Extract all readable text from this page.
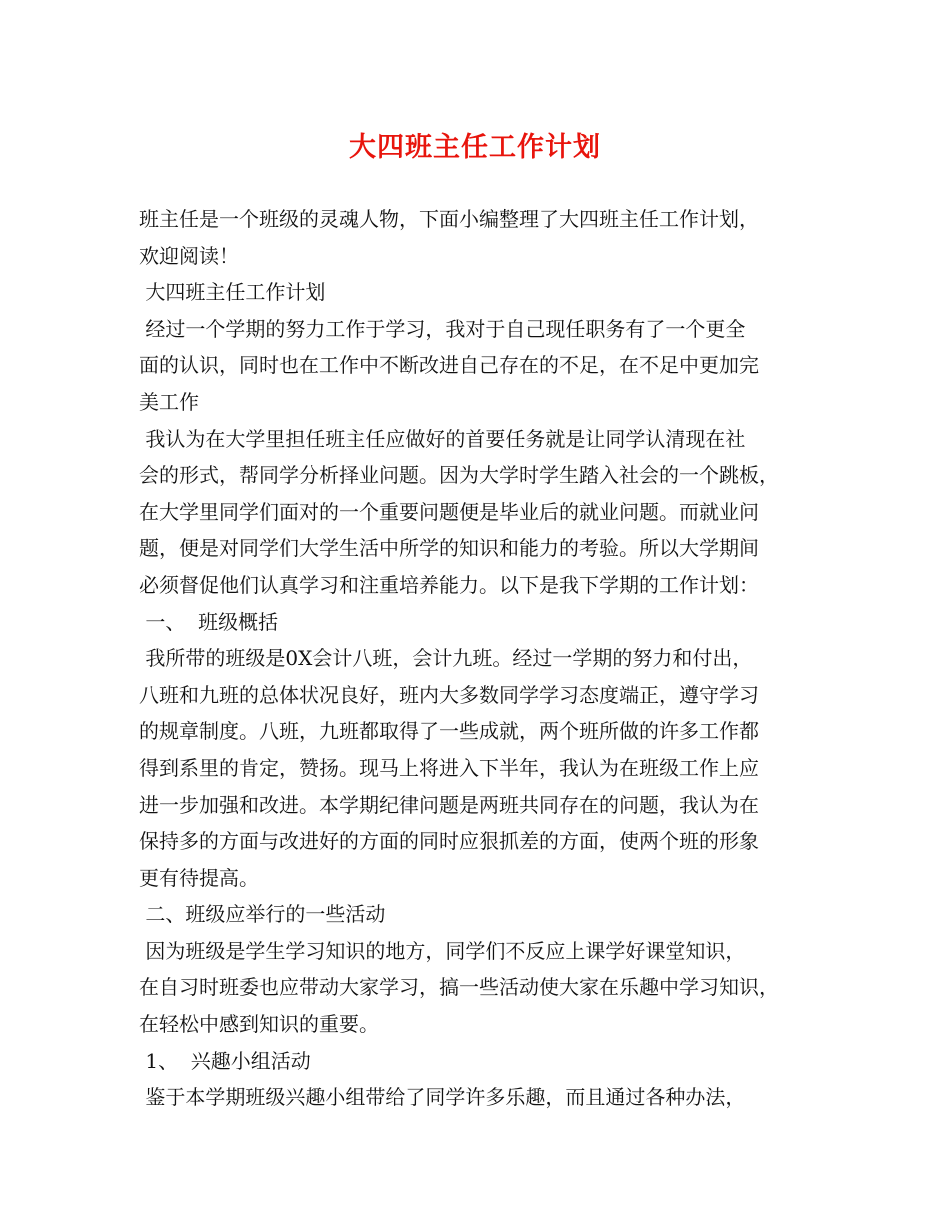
大四班主任工作计划
班主任是一个班级的灵魂人物，下面小编整理了大四班主任工作计划，
欢迎阅读！
大四班主任工作计划
经过一个学期的努力工作于学习，我对于自己现任职务有了一个更全
面的认识，同时也在工作中不断改进自己存在的不足，在不足中更加完
美工作
我认为在大学里担任班主任应做好的首要任务就是让同学认清现在社
会的形式，帮同学分析择业问题。因为大学时学生踏入社会的一个跳板，
在大学里同学们面对的一个重要问题便是毕业后的就业问题。而就业问
题，便是对同学们大学生活中所学的知识和能力的考验。所以大学期间
必须督促他们认真学习和注重培养能力。以下是我下学期的工作计划：
一、  班级概括
我所带的班级是0X会计八班，会计九班。经过一学期的努力和付出，
八班和九班的总体状况良好，班内大多数同学学习态度端正，遵守学习
的规章制度。八班，九班都取得了一些成就，两个班所做的许多工作都
得到系里的肯定，赞扬。现马上将进入下半年，我认为在班级工作上应
进一步加强和改进。本学期纪律问题是两班共同存在的问题，我认为在
保持多的方面与改进好的方面的同时应狠抓差的方面，使两个班的形象
更有待提高。
二、班级应举行的一些活动
因为班级是学生学习知识的地方，同学们不反应上课学好课堂知识，
在自习时班委也应带动大家学习，搞一些活动使大家在乐趣中学习知识，
在轻松中感到知识的重要。
1、  兴趣小组活动
鉴于本学期班级兴趣小组带给了同学许多乐趣，而且通过各种办法，
